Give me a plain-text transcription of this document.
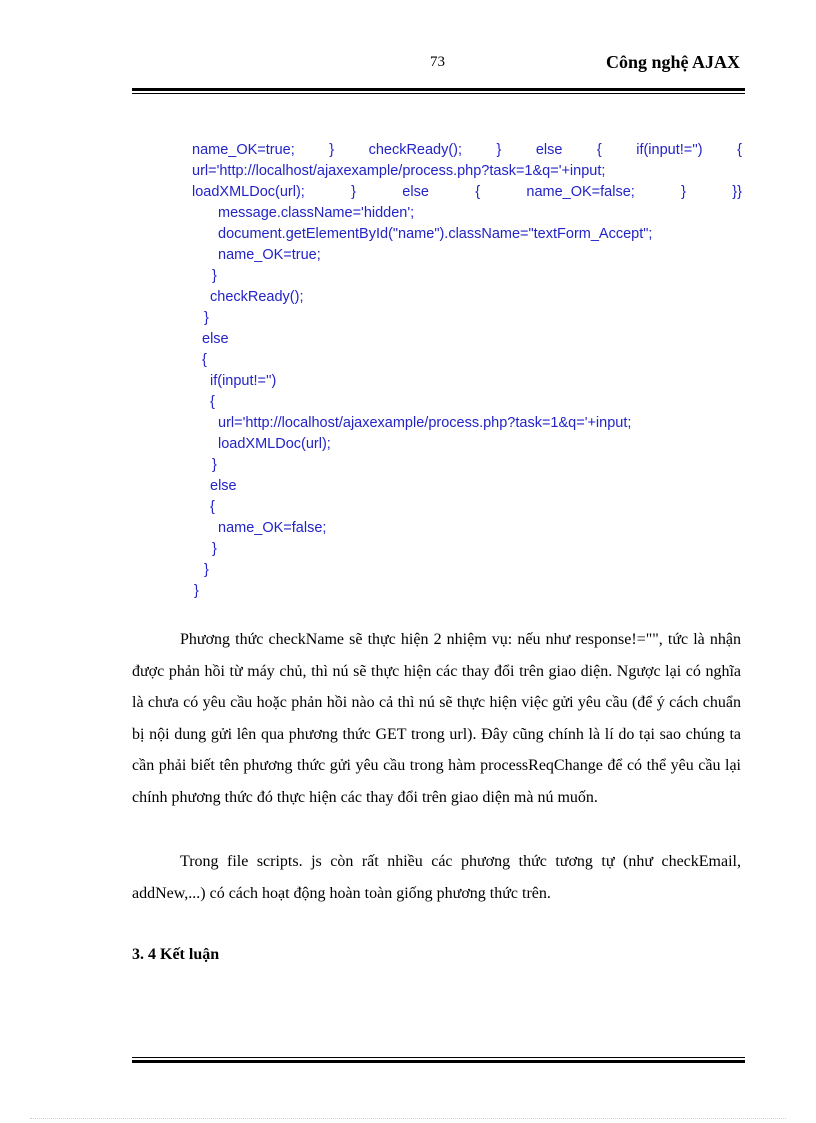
73	Công nghệ AJAX
name_OK=true; } checkReady(); } else { if(input!='') {
url='http://localhost/ajaxexample/process.php?task=1&q='+input;
loadXMLDoc(url);	}	else	{	name_OK=false;	}	}}
message.className='hidden';
document.getElementById("name").className="textForm_Accept";
name_OK=true;
}
checkReady();
}
else
{
if(input!='')
{
url='http://localhost/ajaxexample/process.php?task=1&q='+input;
loadXMLDoc(url);
}
else
{
name_OK=false;
}
}
}

Phương thức checkName sẽ thực hiện 2 nhiệm vụ: nếu như response!="", tức là nhận được phản hồi từ máy chủ, thì nú sẽ thực hiện các thay đổi trên giao diện. Ngược lại có nghĩa là chưa có yêu cầu hoặc phản hồi nào cả thì nú sẽ thực hiện việc gửi yêu cầu (để ý cách chuẩn bị nội dung gửi lên qua phương thức GET trong url). Đây cũng chính là lí do tại sao chúng ta cần phải biết tên phương thức gửi yêu cầu trong hàm processReqChange để có thể yêu cầu lại chính phương thức đó thực hiện các thay đổi trên giao diện mà nú muốn.

Trong file scripts. js còn rất nhiều các phương thức tương tự (như checkEmail, addNew,...) có cách hoạt động hoàn toàn giống phương thức trên.

3. 4 Kết luận
